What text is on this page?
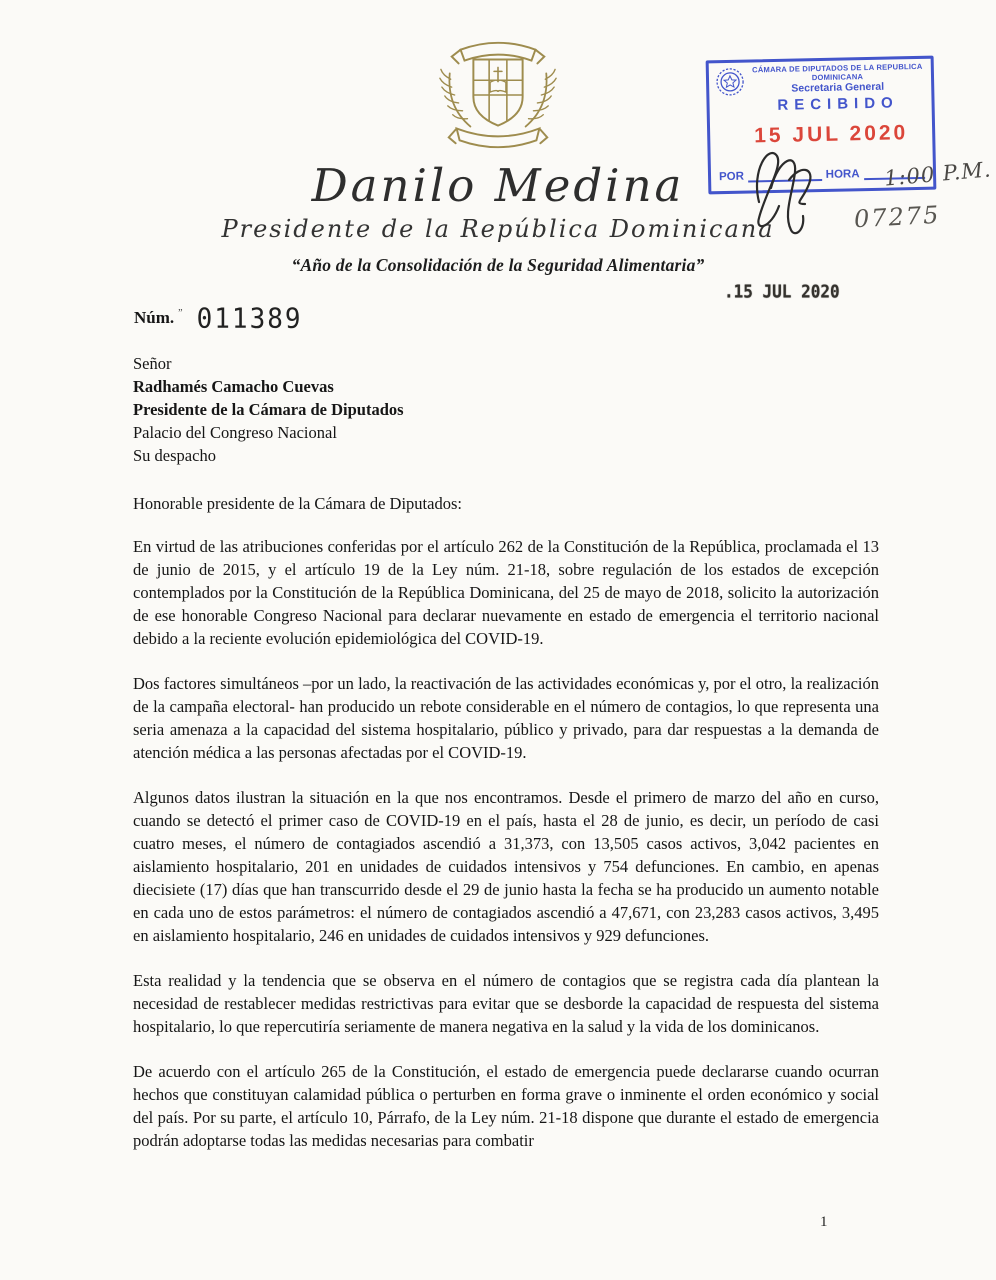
Danilo Medina
Presidente de la República Dominicana
“Año de la Consolidación de la Seguridad Alimentaria”
CÁMARA DE DIPUTADOS DE LA REPUBLICA DOMINICANA
Secretaria General
RECIBIDO
15 JUL 2020
POR	HORA 1:00 P.M.
07275
.15 JUL 2020
Núm. ” 011389
Señor
Radhamés Camacho Cuevas
Presidente de la Cámara de Diputados
Palacio del Congreso Nacional
Su despacho

Honorable presidente de la Cámara de Diputados:

En virtud de las atribuciones conferidas por el artículo 262 de la Constitución de la República, proclamada el 13 de junio de 2015, y el artículo 19 de la Ley núm. 21-18, sobre regulación de los estados de excepción contemplados por la Constitución de la República Dominicana, del 25 de mayo de 2018, solicito la autorización de ese honorable Congreso Nacional para declarar nuevamente en estado de emergencia el territorio nacional debido a la reciente evolución epidemiológica del COVID-19.

Dos factores simultáneos –por un lado, la reactivación de las actividades económicas y, por el otro, la realización de la campaña electoral- han producido un rebote considerable en el número de contagios, lo que representa una seria amenaza a la capacidad del sistema hospitalario, público y privado, para dar respuestas a la demanda de atención médica a las personas afectadas por el COVID-19.

Algunos datos ilustran la situación en la que nos encontramos. Desde el primero de marzo del año en curso, cuando se detectó el primer caso de COVID-19 en el país, hasta el 28 de junio, es decir, un período de casi cuatro meses, el número de contagiados ascendió a 31,373, con 13,505 casos activos, 3,042 pacientes en aislamiento hospitalario, 201 en unidades de cuidados intensivos y 754 defunciones. En cambio, en apenas diecisiete (17) días que han transcurrido desde el 29 de junio hasta la fecha se ha producido un aumento notable en cada uno de estos parámetros: el número de contagiados ascendió a 47,671, con 23,283 casos activos, 3,495 en aislamiento hospitalario, 246 en unidades de cuidados intensivos y 929 defunciones.

Esta realidad y la tendencia que se observa en el número de contagios que se registra cada día plantean la necesidad de restablecer medidas restrictivas para evitar que se desborde la capacidad de respuesta del sistema hospitalario, lo que repercutiría seriamente de manera negativa en la salud y la vida de los dominicanos.

De acuerdo con el artículo 265 de la Constitución, el estado de emergencia puede declararse cuando ocurran hechos que constituyan calamidad pública o perturben en forma grave o inminente el orden económico y social del país. Por su parte, el artículo 10, Párrafo, de la Ley núm. 21-18 dispone que durante el estado de emergencia podrán adoptarse todas las medidas necesarias para combatir

1
